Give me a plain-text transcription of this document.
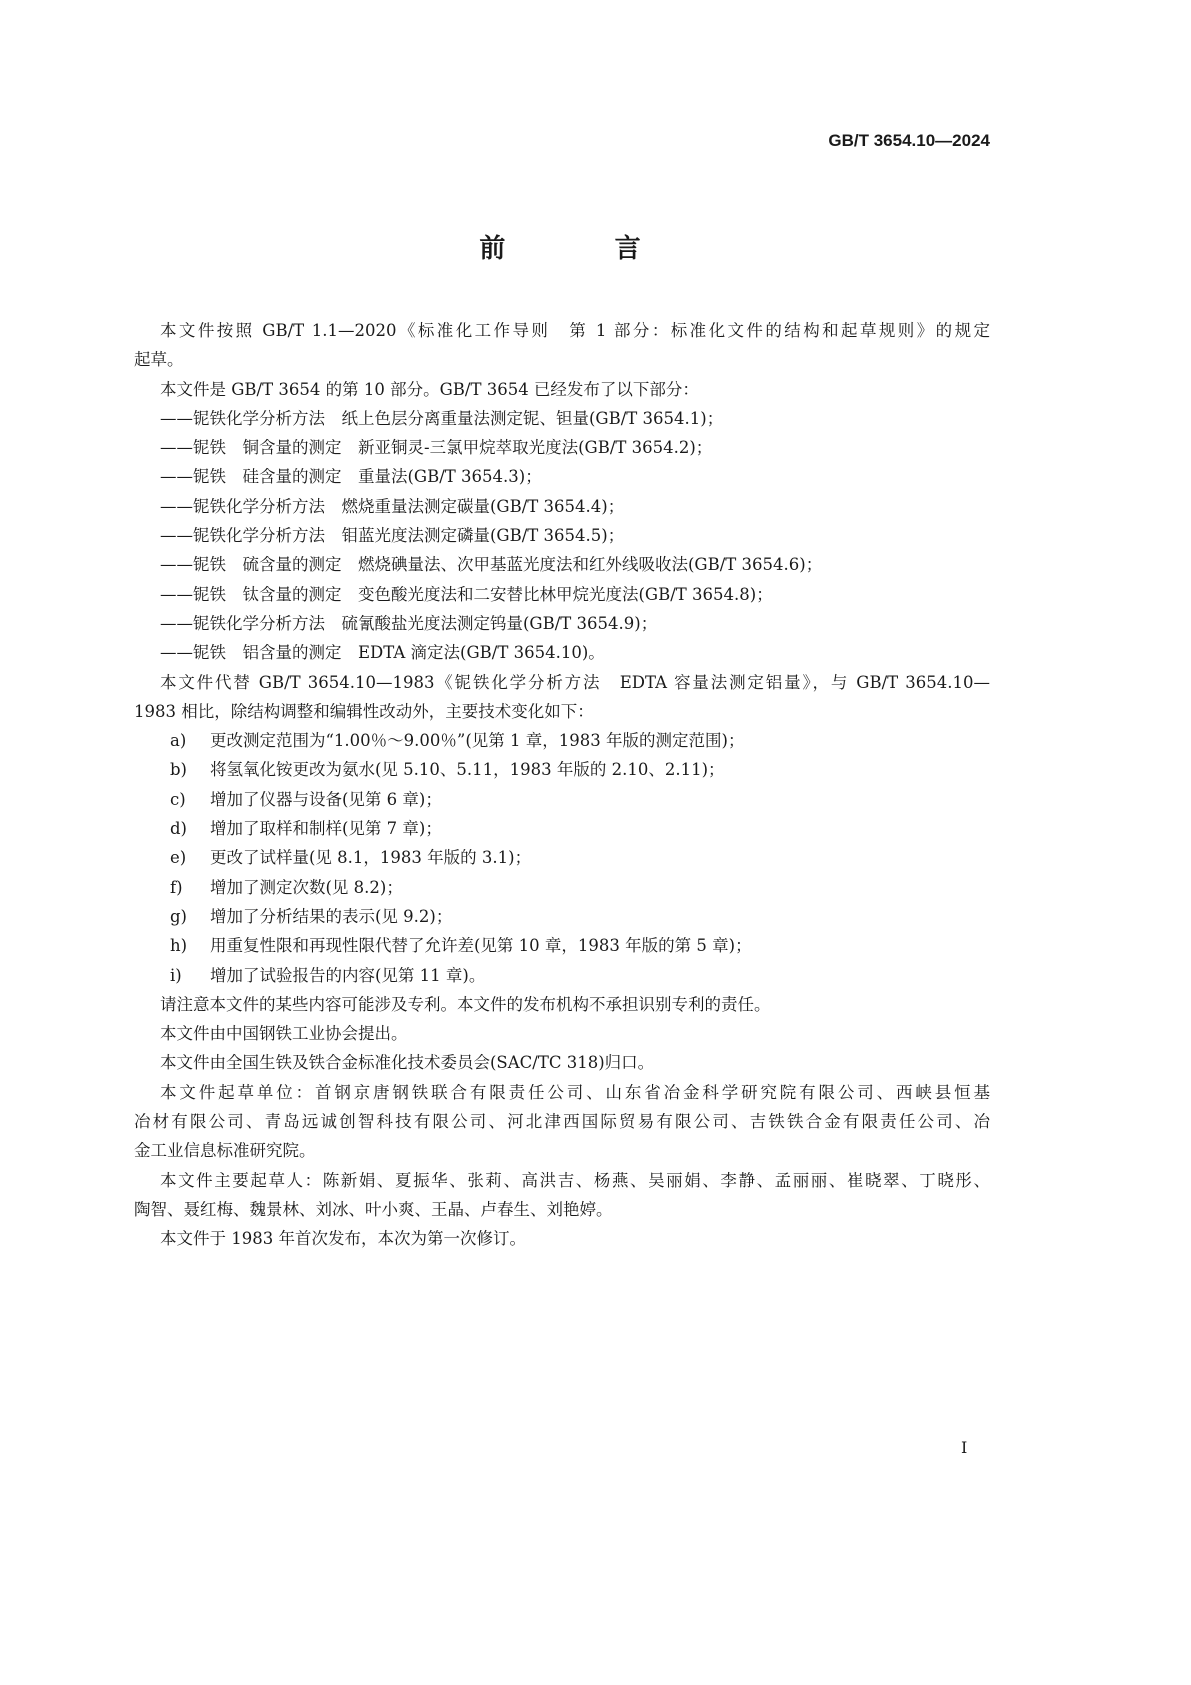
GB/T 3654.10—2024
前　言
本文件按照 GB/T 1.1—2020《标准化工作导则　第 1 部分：标准化文件的结构和起草规则》的规定
起草。
本文件是 GB/T 3654 的第 10 部分。GB/T 3654 已经发布了以下部分：
——铌铁化学分析方法　纸上色层分离重量法测定铌、钽量(GB/T 3654.1)；
——铌铁　铜含量的测定　新亚铜灵-三氯甲烷萃取光度法(GB/T 3654.2)；
——铌铁　硅含量的测定　重量法(GB/T 3654.3)；
——铌铁化学分析方法　燃烧重量法测定碳量(GB/T 3654.4)；
——铌铁化学分析方法　钼蓝光度法测定磷量(GB/T 3654.5)；
——铌铁　硫含量的测定　燃烧碘量法、次甲基蓝光度法和红外线吸收法(GB/T 3654.6)；
——铌铁　钛含量的测定　变色酸光度法和二安替比林甲烷光度法(GB/T 3654.8)；
——铌铁化学分析方法　硫氰酸盐光度法测定钨量(GB/T 3654.9)；
——铌铁　铝含量的测定　EDTA 滴定法(GB/T 3654.10)。
本文件代替 GB/T 3654.10—1983《铌铁化学分析方法　EDTA 容量法测定铝量》，与 GB/T 3654.10—
1983 相比，除结构调整和编辑性改动外，主要技术变化如下：
a) 更改测定范围为“1.00％～9.00％”(见第 1 章，1983 年版的测定范围)；
b) 将氢氧化铵更改为氨水(见 5.10、5.11，1983 年版的 2.10、2.11)；
c) 增加了仪器与设备(见第 6 章)；
d) 增加了取样和制样(见第 7 章)；
e) 更改了试样量(见 8.1，1983 年版的 3.1)；
f) 增加了测定次数(见 8.2)；
g) 增加了分析结果的表示(见 9.2)；
h) 用重复性限和再现性限代替了允许差(见第 10 章，1983 年版的第 5 章)；
i) 增加了试验报告的内容(见第 11 章)。
请注意本文件的某些内容可能涉及专利。本文件的发布机构不承担识别专利的责任。
本文件由中国钢铁工业协会提出。
本文件由全国生铁及铁合金标准化技术委员会(SAC/TC 318)归口。
本文件起草单位：首钢京唐钢铁联合有限责任公司、山东省冶金科学研究院有限公司、西峡县恒基
冶材有限公司、青岛远诚创智科技有限公司、河北津西国际贸易有限公司、吉铁铁合金有限责任公司、冶
金工业信息标准研究院。
本文件主要起草人：陈新娟、夏振华、张莉、高洪吉、杨燕、吴丽娟、李静、孟丽丽、崔晓翠、丁晓彤、
陶智、聂红梅、魏景林、刘冰、叶小爽、王晶、卢春生、刘艳婷。
本文件于 1983 年首次发布，本次为第一次修订。
I
